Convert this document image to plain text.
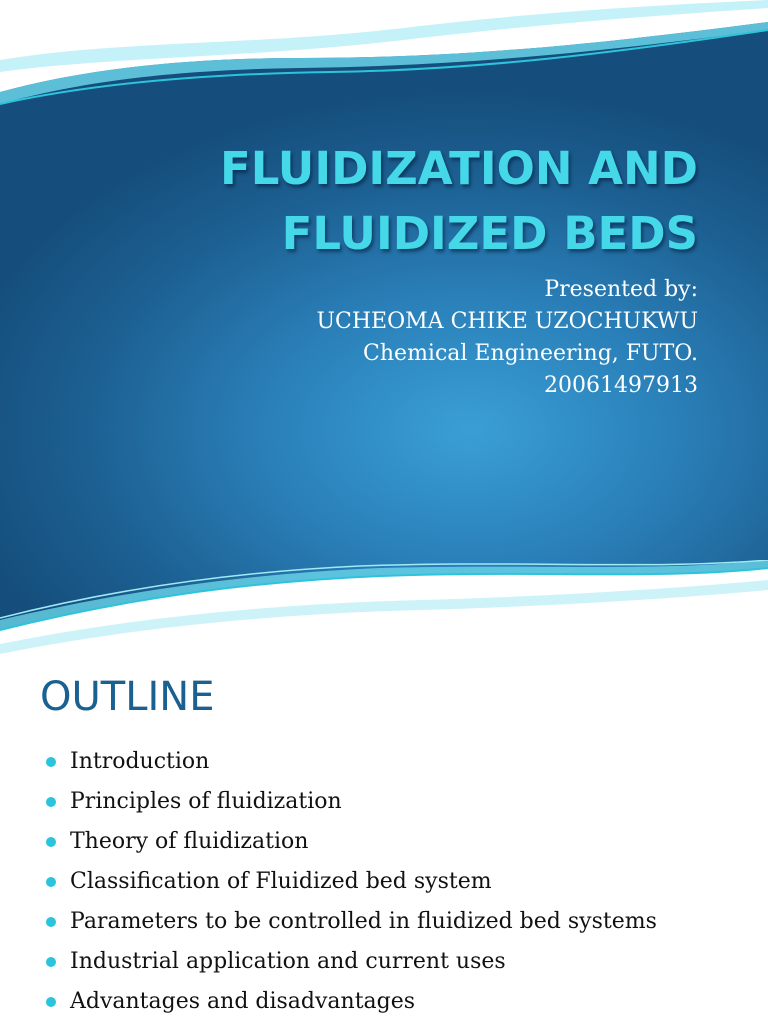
FLUIDIZATION AND
FLUIDIZED BEDS
Presented by:
UCHEOMA CHIKE UZOCHUKWU
Chemical Engineering, FUTO.
20061497913
OUTLINE
Introduction
Principles of fluidization
Theory of fluidization
Classification of Fluidized bed system
Parameters to be controlled in fluidized bed systems
Industrial application and current uses
Advantages and disadvantages
